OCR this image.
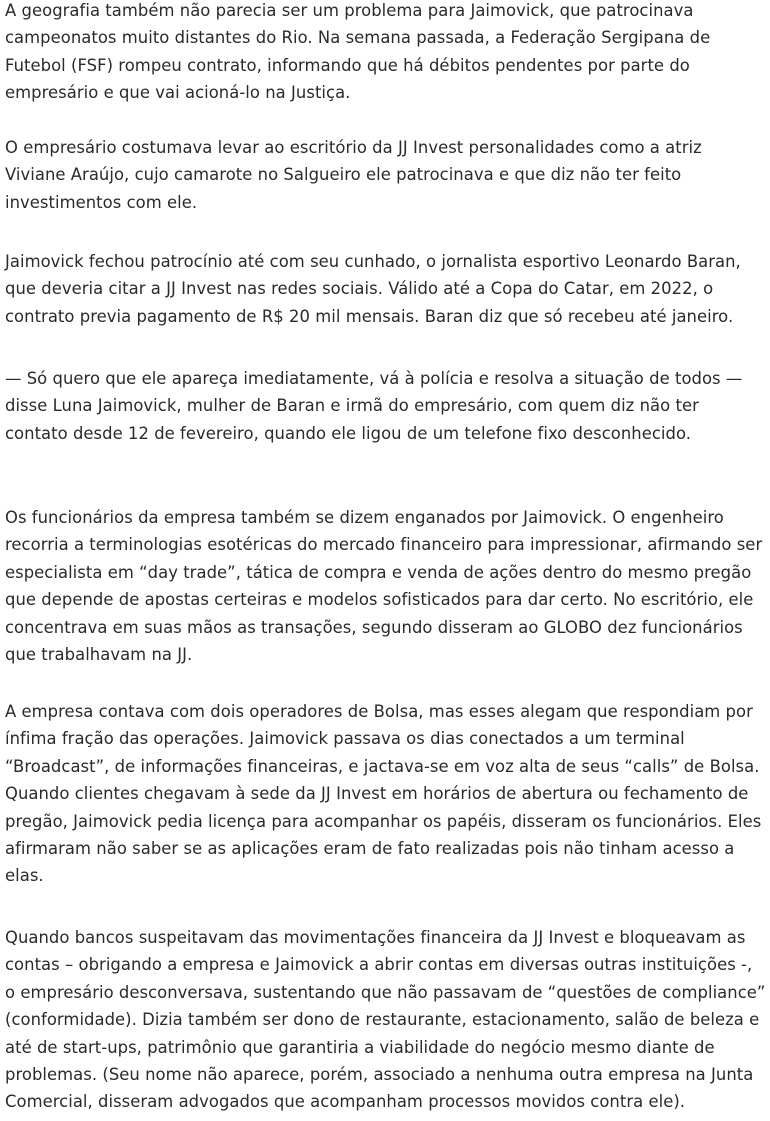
A geografia também não parecia ser um problema para Jaimovick, que patrocinava
campeonatos muito distantes do Rio. Na semana passada, a Federação Sergipana de
Futebol (FSF) rompeu contrato, informando que há débitos pendentes por parte do
empresário e que vai acioná-lo na Justiça.

O empresário costumava levar ao escritório da JJ Invest personalidades como a atriz
Viviane Araújo, cujo camarote no Salgueiro ele patrocinava e que diz não ter feito
investimentos com ele.

Jaimovick fechou patrocínio até com seu cunhado, o jornalista esportivo Leonardo Baran,
que deveria citar a JJ Invest nas redes sociais. Válido até a Copa do Catar, em 2022, o
contrato previa pagamento de R$ 20 mil mensais. Baran diz que só recebeu até janeiro.

— Só quero que ele apareça imediatamente, vá à polícia e resolva a situação de todos —
disse Luna Jaimovick, mulher de Baran e irmã do empresário, com quem diz não ter
contato desde 12 de fevereiro, quando ele ligou de um telefone fixo desconhecido.

Os funcionários da empresa também se dizem enganados por Jaimovick. O engenheiro
recorria a terminologias esotéricas do mercado financeiro para impressionar, afirmando ser
especialista em “day trade”, tática de compra e venda de ações dentro do mesmo pregão
que depende de apostas certeiras e modelos sofisticados para dar certo. No escritório, ele
concentrava em suas mãos as transações, segundo disseram ao GLOBO dez funcionários
que trabalhavam na JJ.

A empresa contava com dois operadores de Bolsa, mas esses alegam que respondiam por
ínfima fração das operações. Jaimovick passava os dias conectados a um terminal
“Broadcast”, de informações financeiras, e jactava-se em voz alta de seus “calls” de Bolsa.
Quando clientes chegavam à sede da JJ Invest em horários de abertura ou fechamento de
pregão, Jaimovick pedia licença para acompanhar os papéis, disseram os funcionários. Eles
afirmaram não saber se as aplicações eram de fato realizadas pois não tinham acesso a
elas.

Quando bancos suspeitavam das movimentações financeira da JJ Invest e bloqueavam as
contas – obrigando a empresa e Jaimovick a abrir contas em diversas outras instituições -,
o empresário desconversava, sustentando que não passavam de “questões de compliance”
(conformidade). Dizia também ser dono de restaurante, estacionamento, salão de beleza e
até de start-ups, patrimônio que garantiria a viabilidade do negócio mesmo diante de
problemas. (Seu nome não aparece, porém, associado a nenhuma outra empresa na Junta
Comercial, disseram advogados que acompanham processos movidos contra ele).
